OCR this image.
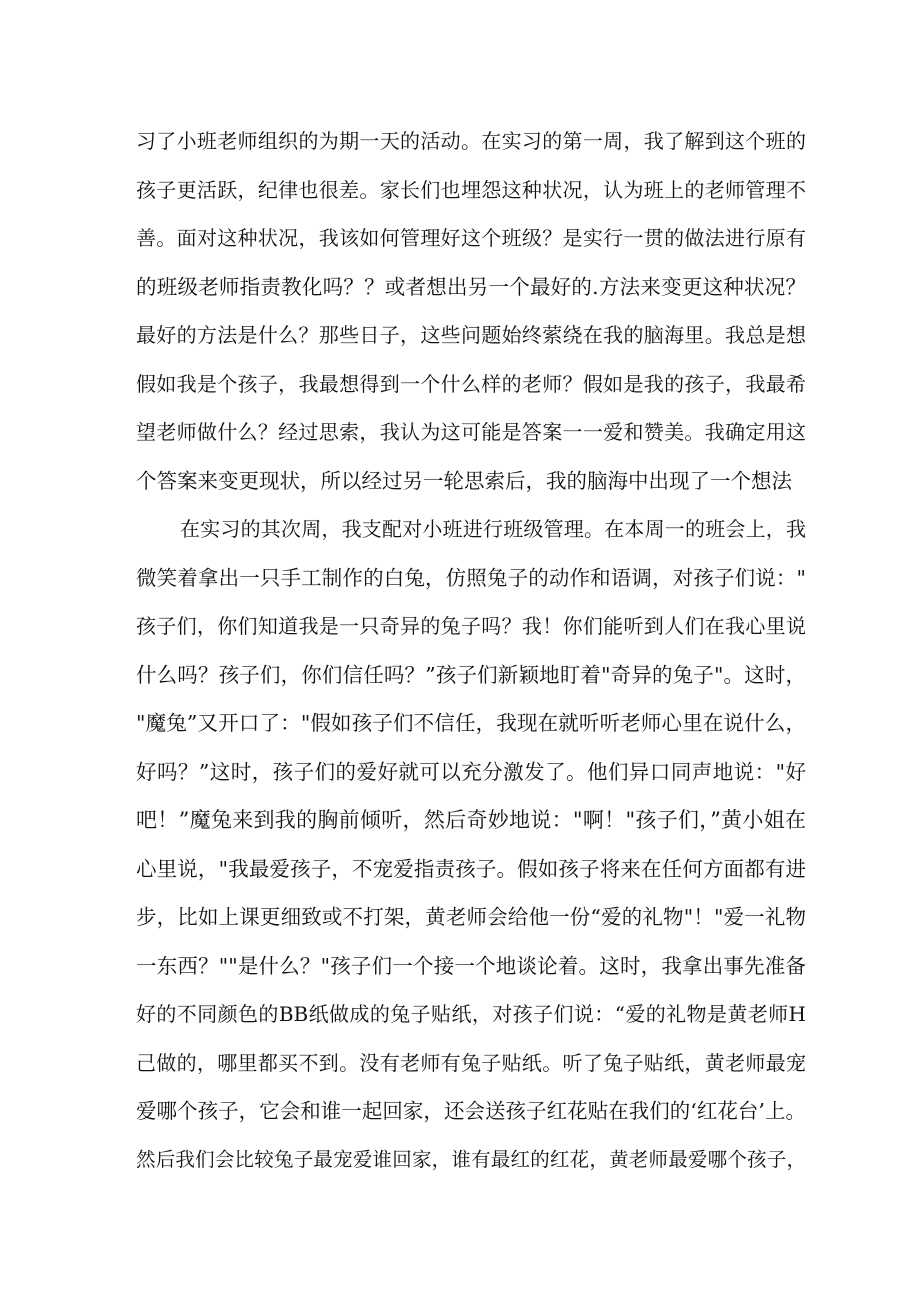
习了小班老师组织的为期一天的活动。在实习的第一周，我了解到这个班的
孩子更活跃，纪律也很差。家长们也埋怨这种状况，认为班上的老师管理不
善。面对这种状况，我该如何管理好这个班级？是实行一贯的做法进行原有
的班级老师指责教化吗？？或者想出另一个最好的.方法来变更这种状况？
最好的方法是什么？那些日子，这些问题始终萦绕在我的脑海里。我总是想
假如我是个孩子，我最想得到一个什么样的老师？假如是我的孩子，我最希
望老师做什么？经过思索，我认为这可能是答案一一爱和赞美。我确定用这
个答案来变更现状，所以经过另一轮思索后，我的脑海中出现了一个想法
在实习的其次周，我支配对小班进行班级管理。在本周一的班会上，我
微笑着拿出一只手工制作的白兔，仿照兔子的动作和语调，对孩子们说："
孩子们，你们知道我是一只奇异的兔子吗？我！你们能听到人们在我心里说
什么吗？孩子们，你们信任吗？”孩子们新颖地盯着"奇异的兔子"。这时，
"魔兔”又开口了："假如孩子们不信任，我现在就听听老师心里在说什么，
好吗？”这时，孩子们的爱好就可以充分激发了。他们异口同声地说："好
吧！”魔兔来到我的胸前倾听，然后奇妙地说："啊！"孩子们，”黄小姐在
心里说，"我最爱孩子，不宠爱指责孩子。假如孩子将来在任何方面都有进
步，比如上课更细致或不打架，黄老师会给他一份“爱的礼物"！"爱一礼物
一东西？""是什么？"孩子们一个接一个地谈论着。这时，我拿出事先准备
好的不同颜色的BB纸做成的兔子贴纸，对孩子们说：“爱的礼物是黄老师H
己做的，哪里都买不到。没有老师有兔子贴纸。听了兔子贴纸，黄老师最宠
爱哪个孩子，它会和谁一起回家，还会送孩子红花贴在我们的‘红花台’上。
然后我们会比较兔子最宠爱谁回家，谁有最红的红花，黄老师最爱哪个孩子，
